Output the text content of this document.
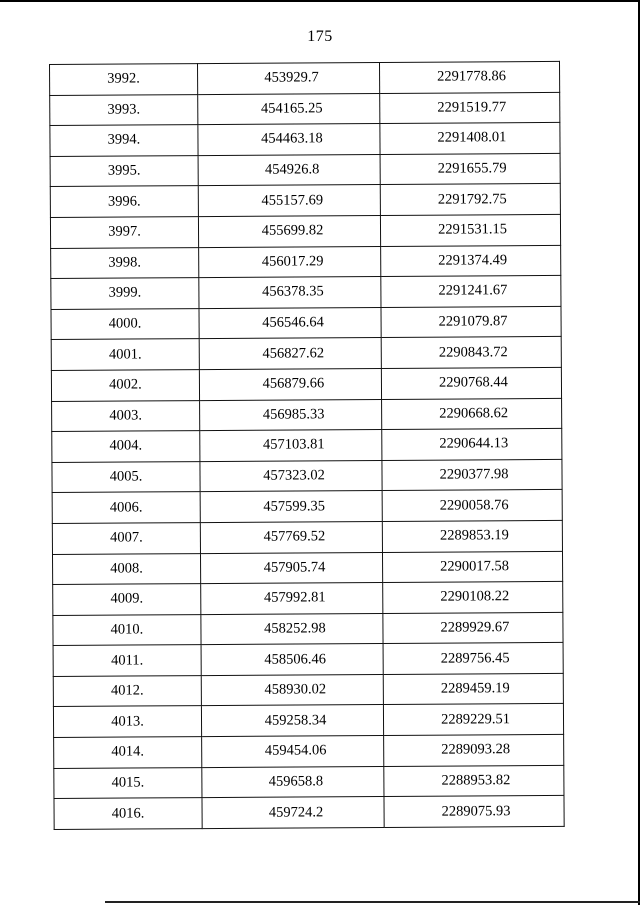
175
3992.	453929.7	2291778.86
3993.	454165.25	2291519.77
3994.	454463.18	2291408.01
3995.	454926.8	2291655.79
3996.	455157.69	2291792.75
3997.	455699.82	2291531.15
3998.	456017.29	2291374.49
3999.	456378.35	2291241.67
4000.	456546.64	2291079.87
4001.	456827.62	2290843.72
4002.	456879.66	2290768.44
4003.	456985.33	2290668.62
4004.	457103.81	2290644.13
4005.	457323.02	2290377.98
4006.	457599.35	2290058.76
4007.	457769.52	2289853.19
4008.	457905.74	2290017.58
4009.	457992.81	2290108.22
4010.	458252.98	2289929.67
4011.	458506.46	2289756.45
4012.	458930.02	2289459.19
4013.	459258.34	2289229.51
4014.	459454.06	2289093.28
4015.	459658.8	2288953.82
4016.	459724.2	2289075.93
